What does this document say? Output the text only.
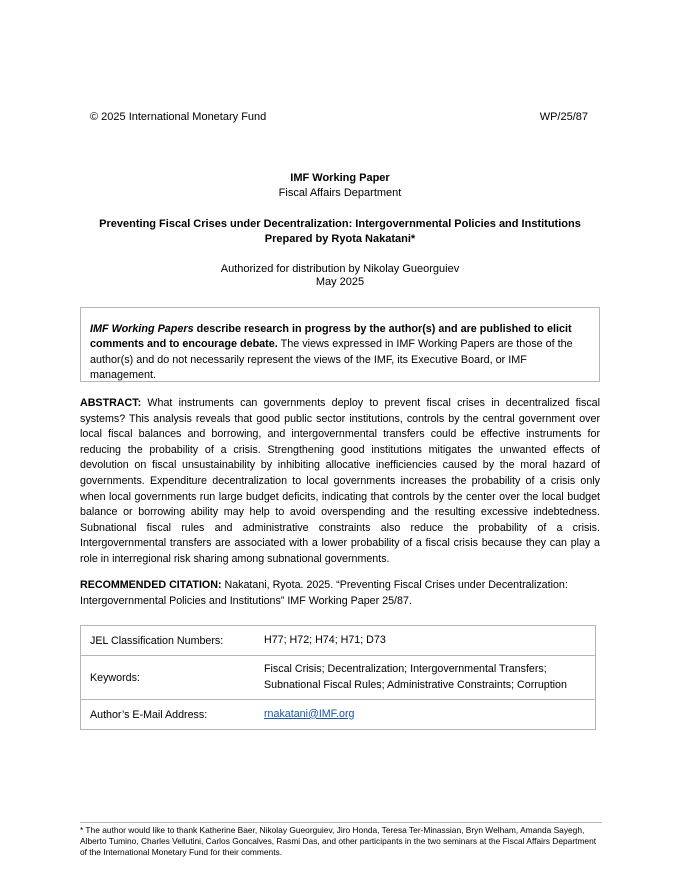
© 2025 International Monetary Fund	WP/25/87
IMF Working Paper
Fiscal Affairs Department
Preventing Fiscal Crises under Decentralization: Intergovernmental Policies and Institutions
Prepared by Ryota Nakatani*
Authorized for distribution by Nikolay Gueorguiev
May 2025
IMF Working Papers describe research in progress by the author(s) and are published to elicit comments and to encourage debate. The views expressed in IMF Working Papers are those of the author(s) and do not necessarily represent the views of the IMF, its Executive Board, or IMF management.
ABSTRACT: What instruments can governments deploy to prevent fiscal crises in decentralized fiscal systems? This analysis reveals that good public sector institutions, controls by the central government over local fiscal balances and borrowing, and intergovernmental transfers could be effective instruments for reducing the probability of a crisis. Strengthening good institutions mitigates the unwanted effects of devolution on fiscal unsustainability by inhibiting allocative inefficiencies caused by the moral hazard of governments. Expenditure decentralization to local governments increases the probability of a crisis only when local governments run large budget deficits, indicating that controls by the center over the local budget balance or borrowing ability may help to avoid overspending and the resulting excessive indebtedness. Subnational fiscal rules and administrative constraints also reduce the probability of a crisis. Intergovernmental transfers are associated with a lower probability of a fiscal crisis because they can play a role in interregional risk sharing among subnational governments.
RECOMMENDED CITATION: Nakatani, Ryota. 2025. “Preventing Fiscal Crises under Decentralization: Intergovernmental Policies and Institutions” IMF Working Paper 25/87.
JEL Classification Numbers:	H77; H72; H74; H71; D73
Keywords:	Fiscal Crisis; Decentralization; Intergovernmental Transfers;
Subnational Fiscal Rules; Administrative Constraints; Corruption

Author’s E-Mail Address:	rnakatani@IMF.org
* The author would like to thank Katherine Baer, Nikolay Gueorguiev, Jiro Honda, Teresa Ter-Minassian, Bryn Welham, Amanda Sayegh, Alberto Tumino, Charles Vellutini, Carlos Goncalves, Rasmi Das, and other participants in the two seminars at the Fiscal Affairs Department of the International Monetary Fund for their comments.
